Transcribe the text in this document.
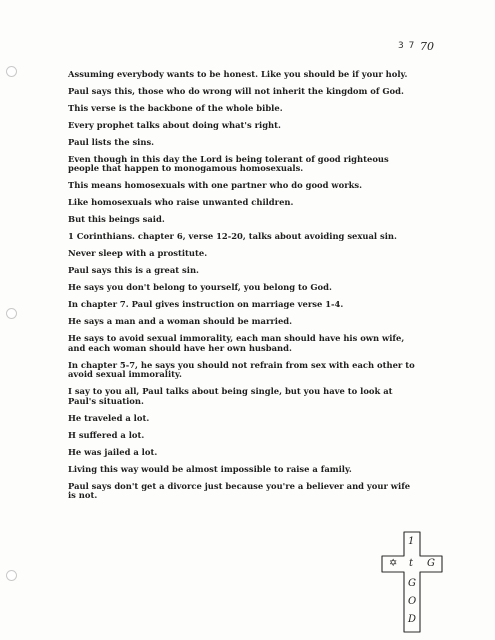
3 7 70

Assuming everybody wants to be honest. Like you should be if your holy.

Paul says this, those who do wrong will not inherit the kingdom of God.

This verse is the backbone of the whole bible.

Every prophet talks about doing what's right.

Paul lists the sins.

Even though in this day the Lord is being tolerant of good righteous people that happen to monogamous homosexuals.

This means homosexuals with one partner who do good works.

Like homosexuals who raise unwanted children.

But this beings said.

1 Corinthians. chapter 6, verse 12-20, talks about avoiding sexual sin.

Never sleep with a prostitute.

Paul says this is a great sin.

He says you don't belong to yourself, you belong to God.

In chapter 7. Paul gives instruction on marriage verse 1-4.

He says a man and a woman should be married.

He says to avoid sexual immorality, each man should have his own wife, and each woman should have her own husband.

In chapter 5-7, he says you should not refrain from sex with each other to avoid sexual immorality.

I say to you all, Paul talks about being single, but you have to look at Paul's situation.

He traveled a lot.

H suffered a lot.

He was jailed a lot.

Living this way would be almost impossible to raise a family.

Paul says don't get a divorce just because you're a believer and your wife is not.

1
✡ t G
G
O
D
